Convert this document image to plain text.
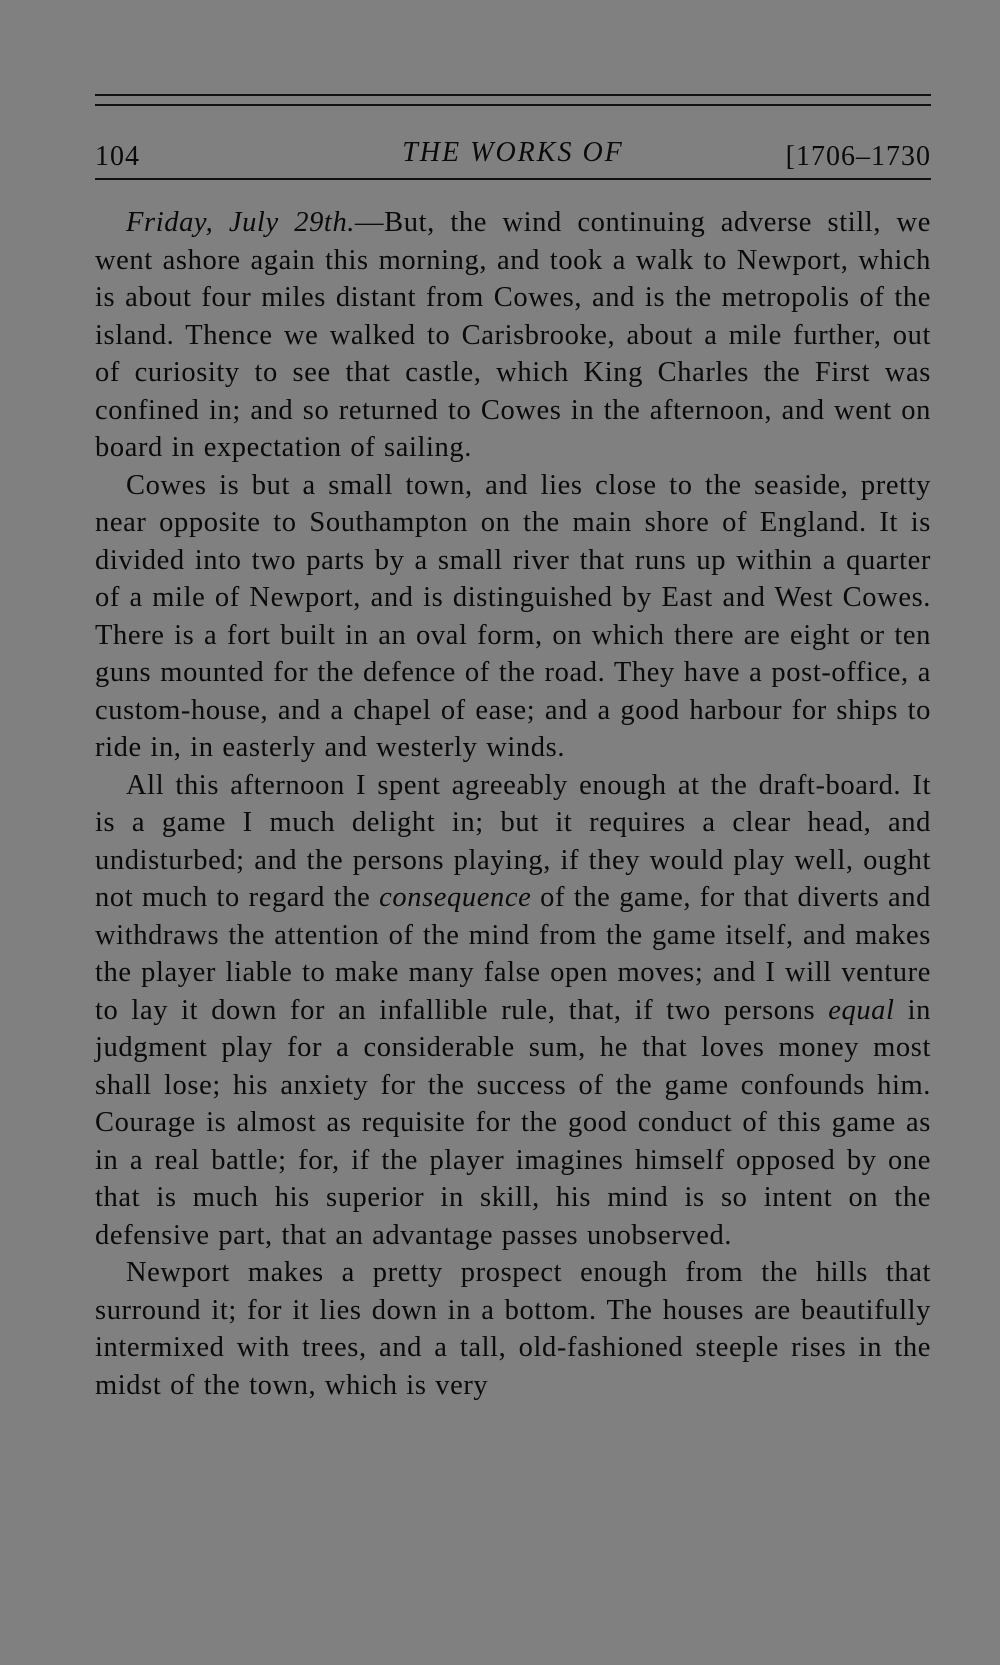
104	THE WORKS OF	[1706–1730

Friday, July 29th.—But, the wind continuing adverse still, we went ashore again this morning, and took a walk to Newport, which is about four miles distant from Cowes, and is the metropolis of the island. Thence we walked to Carisbrooke, about a mile further, out of curiosity to see that castle, which King Charles the First was confined in; and so returned to Cowes in the afternoon, and went on board in expectation of sailing.

Cowes is but a small town, and lies close to the seaside, pretty near opposite to Southampton on the main shore of England. It is divided into two parts by a small river that runs up within a quarter of a mile of Newport, and is distinguished by East and West Cowes. There is a fort built in an oval form, on which there are eight or ten guns mounted for the defence of the road. They have a post-office, a custom-house, and a chapel of ease; and a good harbour for ships to ride in, in easterly and westerly winds.

All this afternoon I spent agreeably enough at the draft-board. It is a game I much delight in; but it requires a clear head, and undisturbed; and the persons playing, if they would play well, ought not much to regard the consequence of the game, for that diverts and withdraws the attention of the mind from the game itself, and makes the player liable to make many false open moves; and I will venture to lay it down for an infallible rule, that, if two persons equal in judgment play for a considerable sum, he that loves money most shall lose; his anxiety for the success of the game confounds him. Courage is almost as requisite for the good conduct of this game as in a real battle; for, if the player imagines himself opposed by one that is much his superior in skill, his mind is so intent on the defensive part, that an advantage passes unobserved.

Newport makes a pretty prospect enough from the hills that surround it; for it lies down in a bottom. The houses are beautifully intermixed with trees, and a tall, old-fashioned steeple rises in the midst of the town, which is very
